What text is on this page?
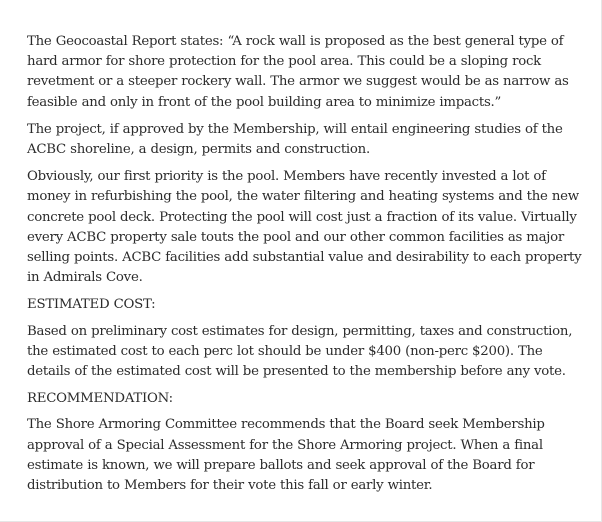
The Geocoastal Report states: “A rock wall is proposed as the best general type of hard armor for shore protection for the pool area. This could be a sloping rock revetment or a steeper rockery wall. The armor we suggest would be as narrow as feasible and only in front of the pool building area to minimize impacts.”

The project, if approved by the Membership, will entail engineering studies of the ACBC shoreline, a design, permits and construction.

Obviously, our first priority is the pool. Members have recently invested a lot of money in refurbishing the pool, the water filtering and heating systems and the new concrete pool deck. Protecting the pool will cost just a fraction of its value. Virtually every ACBC property sale touts the pool and our other common facilities as major selling points. ACBC facilities add substantial value and desirability to each property in Admirals Cove.

ESTIMATED COST:

Based on preliminary cost estimates for design, permitting, taxes and construction, the estimated cost to each perc lot should be under $400 (non-perc $200). The details of the estimated cost will be presented to the membership before any vote.

RECOMMENDATION:

The Shore Armoring Committee recommends that the Board seek Membership approval of a Special Assessment for the Shore Armoring project. When a final estimate is known, we will prepare ballots and seek approval of the Board for distribution to Members for their vote this fall or early winter.
